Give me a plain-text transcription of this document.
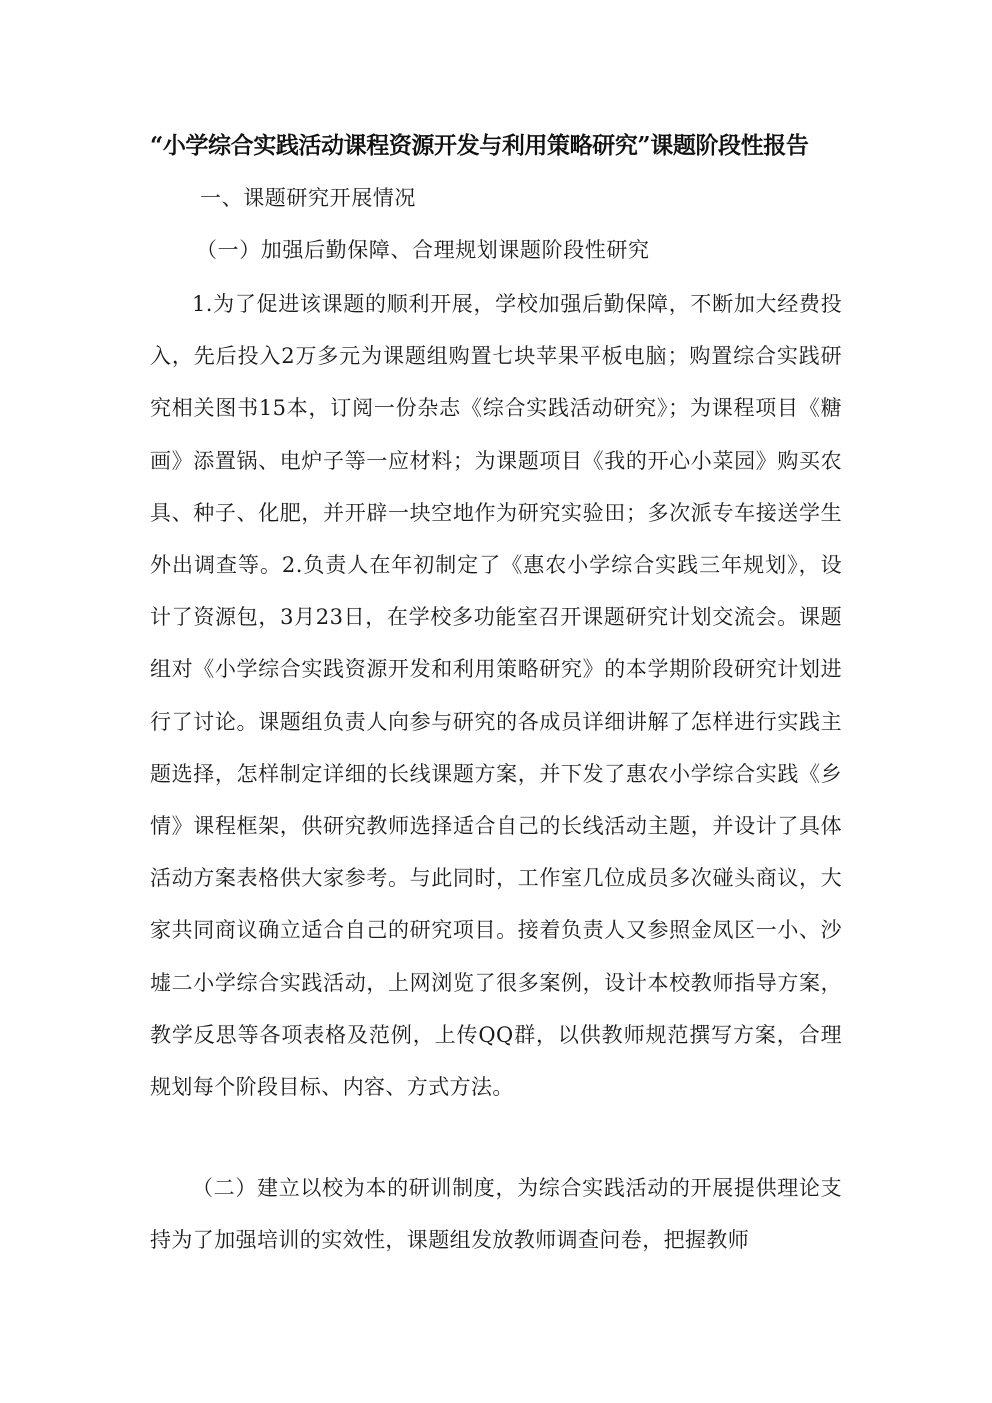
“小学综合实践活动课程资源开发与利用策略研究”课题阶段性报告
一、课题研究开展情况
（一）加强后勤保障、合理规划课题阶段性研究
1.为了促进该课题的顺利开展，学校加强后勤保障，不断加大经费投入，先后投入2万多元为课题组购置七块苹果平板电脑；购置综合实践研究相关图书15本，订阅一份杂志《综合实践活动研究》；为课程项目《糖画》添置锅、电炉子等一应材料；为课题项目《我的开心小菜园》购买农具、种子、化肥，并开辟一块空地作为研究实验田；多次派专车接送学生外出调查等。2.负责人在年初制定了《惠农小学综合实践三年规划》，设计了资源包，3月23日，在学校多功能室召开课题研究计划交流会。课题组对《小学综合实践资源开发和利用策略研究》的本学期阶段研究计划进行了讨论。课题组负责人向参与研究的各成员详细讲解了怎样进行实践主题选择，怎样制定详细的长线课题方案，并下发了惠农小学综合实践《乡情》课程框架，供研究教师选择适合自己的长线活动主题，并设计了具体活动方案表格供大家参考。与此同时，工作室几位成员多次碰头商议，大家共同商议确立适合自己的研究项目。接着负责人又参照金凤区一小、沙墟二小学综合实践活动，上网浏览了很多案例，设计本校教师指导方案，教学反思等各项表格及范例，上传QQ群，以供教师规范撰写方案，合理规划每个阶段目标、内容、方式方法。
（二）建立以校为本的研训制度，为综合实践活动的开展提供理论支持为了加强培训的实效性，课题组发放教师调查问卷，把握教师
